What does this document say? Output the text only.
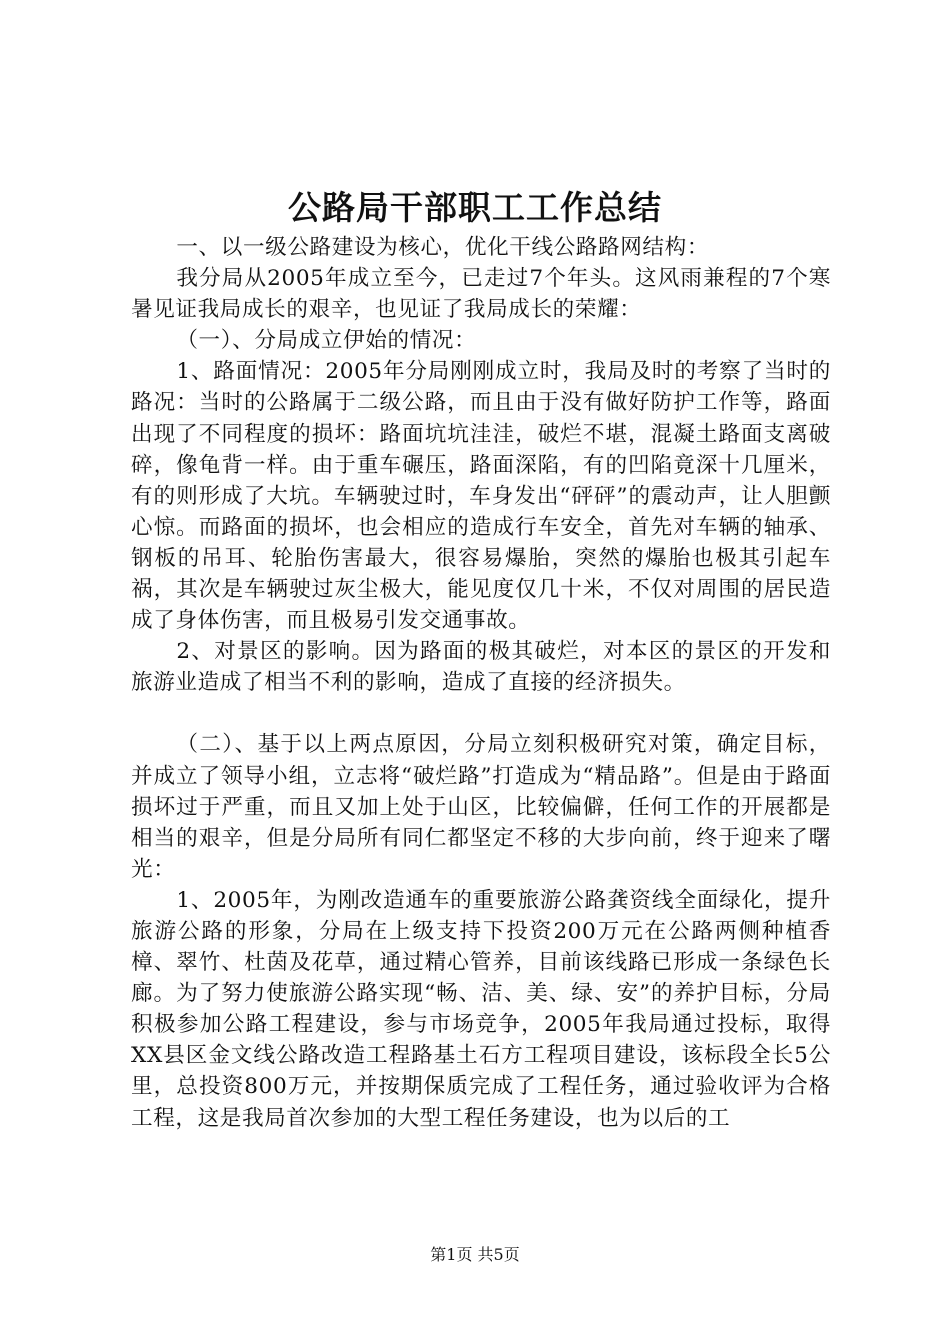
公路局干部职工工作总结

一、以一级公路建设为核心，优化干线公路路网结构：

我分局从2005年成立至今，已走过7个年头。这风雨兼程的7个寒暑见证我局成长的艰辛，也见证了我局成长的荣耀：

（一）、分局成立伊始的情况：

1、路面情况：2005年分局刚刚成立时，我局及时的考察了当时的路况：当时的公路属于二级公路，而且由于没有做好防护工作等，路面出现了不同程度的损坏：路面坑坑洼洼，破烂不堪，混凝土路面支离破碎，像龟背一样。由于重车碾压，路面深陷，有的凹陷竟深十几厘米，有的则形成了大坑。车辆驶过时，车身发出“砰砰”的震动声，让人胆颤心惊。而路面的损坏，也会相应的造成行车安全，首先对车辆的轴承、钢板的吊耳、轮胎伤害最大，很容易爆胎，突然的爆胎也极其引起车祸，其次是车辆驶过灰尘极大，能见度仅几十米，不仅对周围的居民造成了身体伤害，而且极易引发交通事故。

2、对景区的影响。因为路面的极其破烂，对本区的景区的开发和旅游业造成了相当不利的影响，造成了直接的经济损失。

（二）、基于以上两点原因，分局立刻积极研究对策，确定目标，并成立了领导小组，立志将“破烂路”打造成为“精品路”。但是由于路面损坏过于严重，而且又加上处于山区，比较偏僻，任何工作的开展都是相当的艰辛，但是分局所有同仁都坚定不移的大步向前，终于迎来了曙光：

1、2005年，为刚改造通车的重要旅游公路龚资线全面绿化，提升旅游公路的形象，分局在上级支持下投资200万元在公路两侧种植香樟、翠竹、杜茵及花草，通过精心管养，目前该线路已形成一条绿色长廊。为了努力使旅游公路实现“畅、洁、美、绿、安”的养护目标，分局积极参加公路工程建设，参与市场竞争，2005年我局通过投标，取得XX县区金文线公路改造工程路基土石方工程项目建设，该标段全长5公里，总投资800万元，并按期保质完成了工程任务，通过验收评为合格工程，这是我局首次参加的大型工程任务建设，也为以后的工

第1页 共5页
